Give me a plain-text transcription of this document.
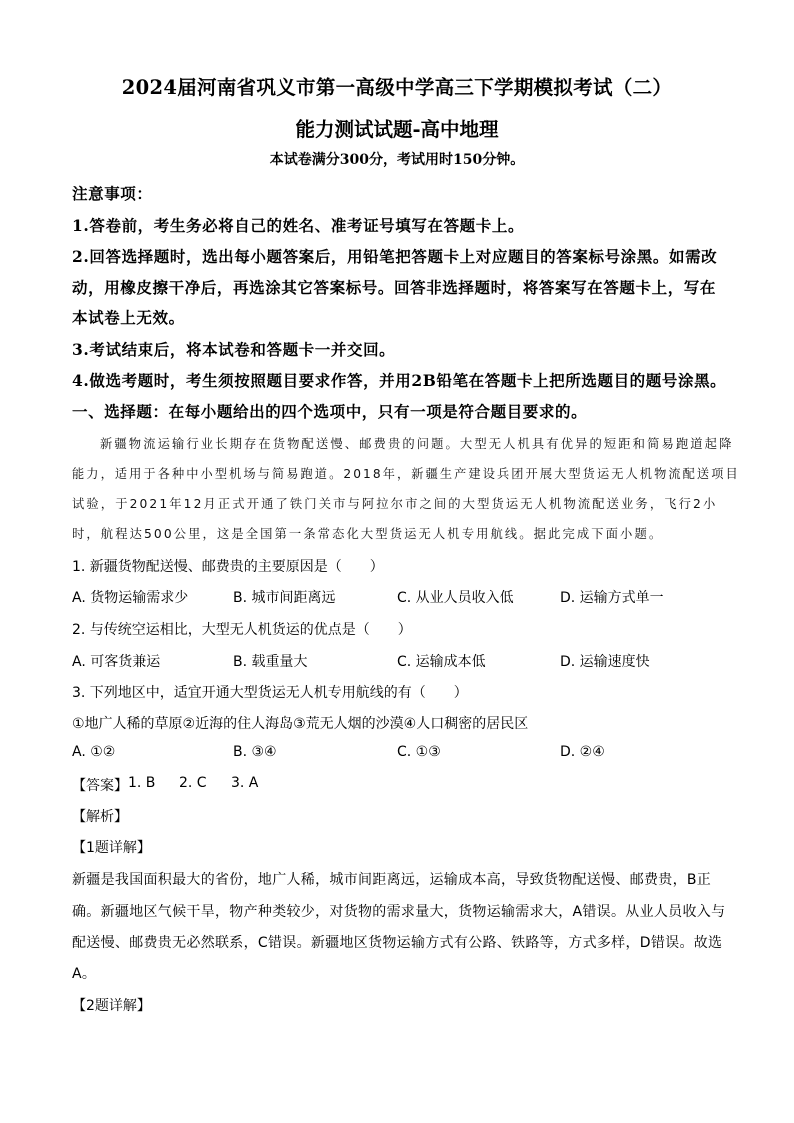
2024届河南省巩义市第一高级中学高三下学期模拟考试（二）
能力测试试题-高中地理
本试卷满分300分，考试用时150分钟。
注意事项：
1.答卷前，考生务必将自己的姓名、准考证号填写在答题卡上。
2.回答选择题时，选出每小题答案后，用铅笔把答题卡上对应题目的答案标号涂黑。如需改
动，用橡皮擦干净后，再选涂其它答案标号。回答非选择题时，将答案写在答题卡上，写在
本试卷上无效。
3.考试结束后，将本试卷和答题卡一并交回。
4.做选考题时，考生须按照题目要求作答，并用2B铅笔在答题卡上把所选题目的题号涂黑。
一、选择题：在每小题给出的四个选项中，只有一项是符合题目要求的。
新疆物流运输行业长期存在货物配送慢、邮费贵的问题。大型无人机具有优异的短距和简易跑道起降
能力，适用于各种中小型机场与简易跑道。2018年，新疆生产建设兵团开展大型货运无人机物流配送项目
试验，于2021年12月正式开通了铁门关市与阿拉尔市之间的大型货运无人机物流配送业务，飞行2小
时，航程达500公里，这是全国第一条常态化大型货运无人机专用航线。据此完成下面小题。
1. 新疆货物配送慢、邮费贵的主要原因是（　　）
A. 货物运输需求少	B. 城市间距离远	C. 从业人员收入低	D. 运输方式单一
2. 与传统空运相比，大型无人机货运的优点是（　　）
A. 可客货兼运	B. 载重量大	C. 运输成本低	D. 运输速度快
3. 下列地区中，适宜开通大型货运无人机专用航线的有（　　）
①地广人稀的草原②近海的住人海岛③荒无人烟的沙漠④人口稠密的居民区
A. ①②	B. ③④	C. ①③	D. ②④
【答案】 1. B 2. C 3. A
【解析】
【1题详解】
新疆是我国面积最大的省份，地广人稀，城市间距离远，运输成本高，导致货物配送慢、邮费贵，B正
确。新疆地区气候干旱，物产种类较少，对货物的需求量大，货物运输需求大，A错误。从业人员收入与
配送慢、邮费贵无必然联系，C错误。新疆地区货物运输方式有公路、铁路等，方式多样，D错误。故选
A。
【2题详解】
